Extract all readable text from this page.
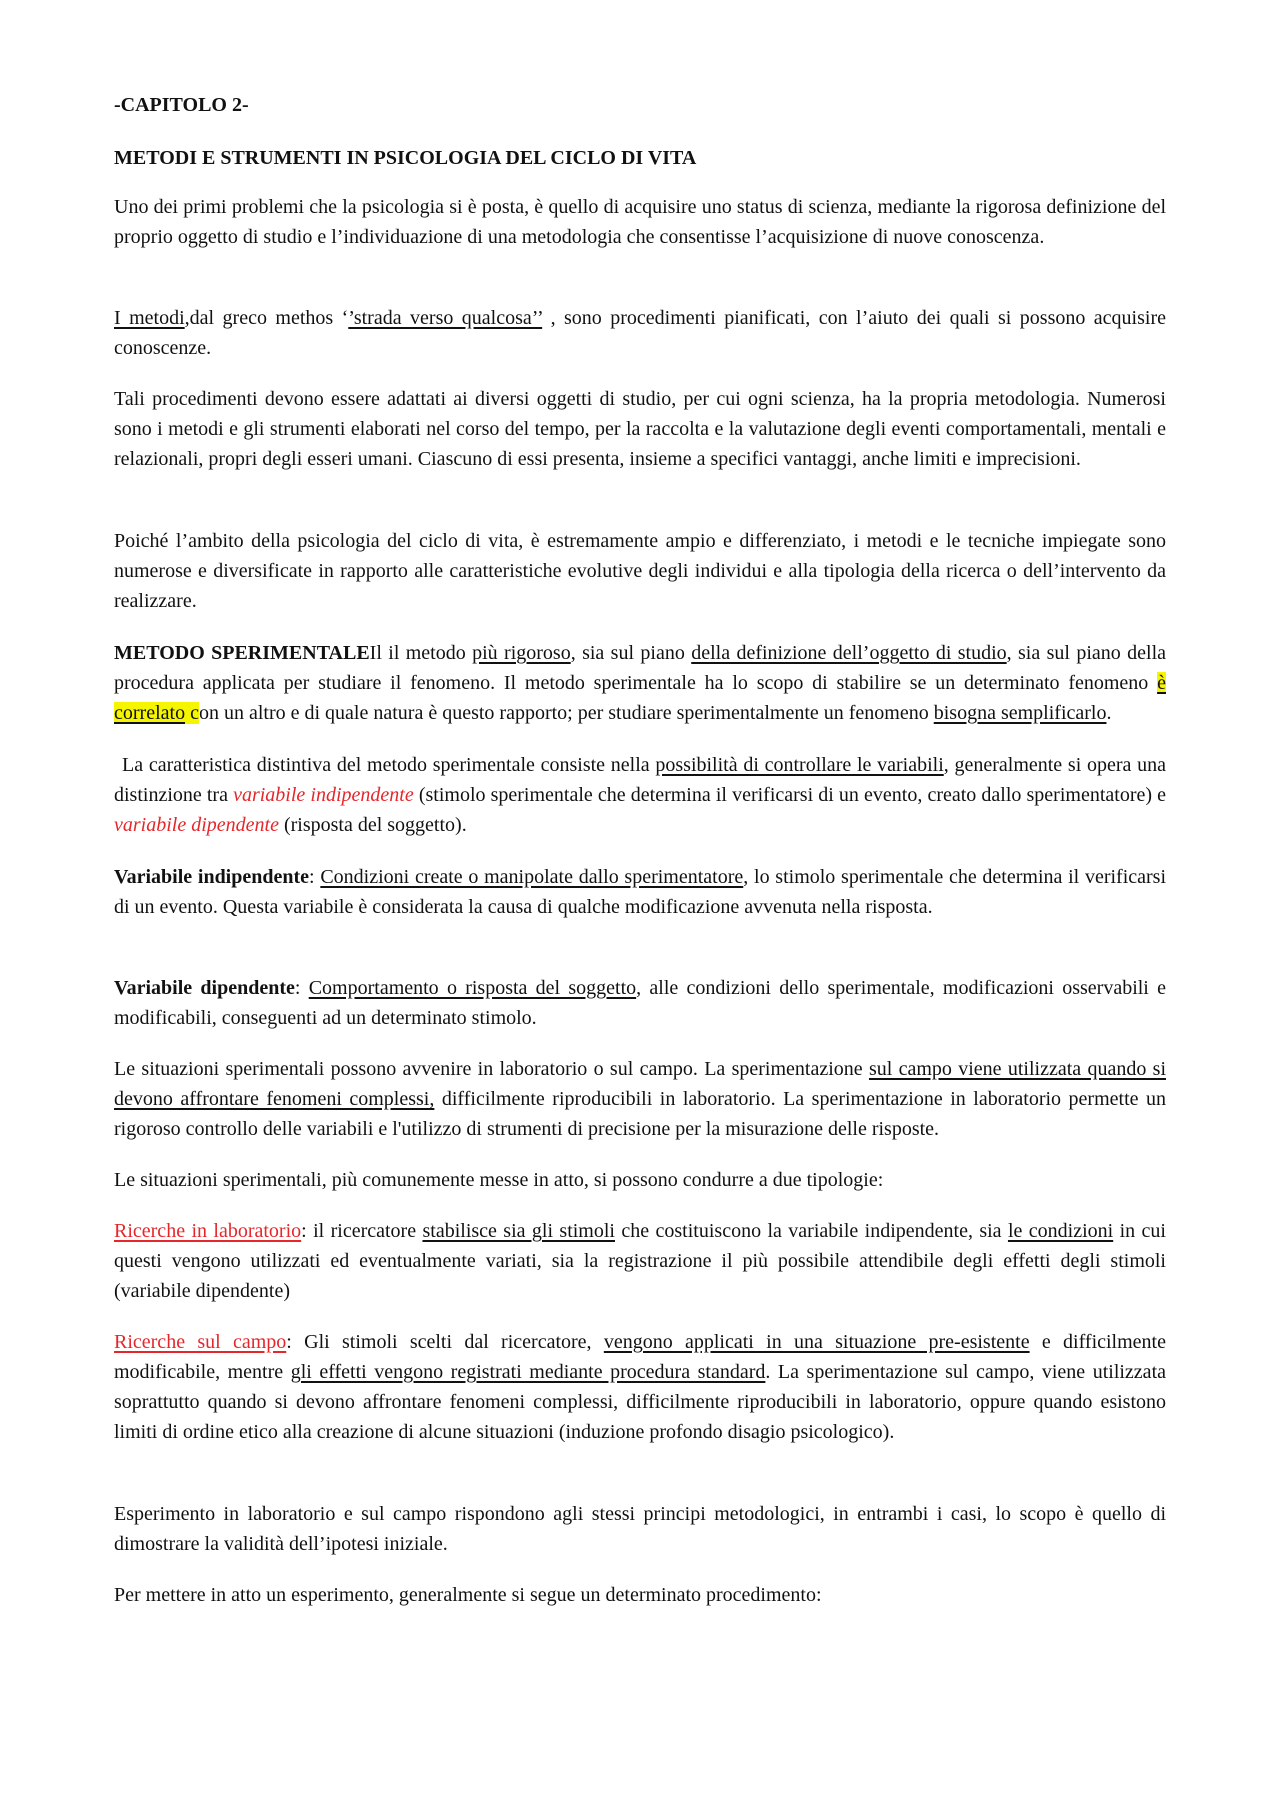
-CAPITOLO 2-
METODI E STRUMENTI IN PSICOLOGIA DEL CICLO DI VITA

Uno dei primi problemi che la psicologia si è posta, è quello di acquisire uno status di scienza, mediante la rigorosa definizione del proprio oggetto di studio e l’individuazione di una metodologia che consentisse l’acquisizione di nuove conoscenza.

I metodi,dal greco methos ‘’strada verso qualcosa’’ , sono procedimenti pianificati, con l’aiuto dei quali si possono acquisire conoscenze.

Tali procedimenti devono essere adattati ai diversi oggetti di studio, per cui ogni scienza, ha la propria metodologia. Numerosi sono i metodi e gli strumenti elaborati nel corso del tempo, per la raccolta e la valutazione degli eventi comportamentali, mentali e relazionali, propri degli esseri umani. Ciascuno di essi presenta, insieme a specifici vantaggi, anche limiti e imprecisioni.

Poiché l’ambito della psicologia del ciclo di vita, è estremamente ampio e differenziato, i metodi e le tecniche impiegate sono numerose e diversificate in rapporto alle caratteristiche evolutive degli individui e alla tipologia della ricerca o dell’intervento da realizzare.

METODO SPERIMENTALEIl il metodo più rigoroso, sia sul piano della definizione dell’oggetto di studio, sia sul piano della procedura applicata per studiare il fenomeno. Il metodo sperimentale ha lo scopo di stabilire se un determinato fenomeno è correlato con un altro e di quale natura è questo rapporto; per studiare sperimentalmente un fenomeno bisogna semplificarlo.

La caratteristica distintiva del metodo sperimentale consiste nella possibilità di controllare le variabili, generalmente si opera una distinzione tra variabile indipendente (stimolo sperimentale che determina il verificarsi di un evento, creato dallo sperimentatore) e variabile dipendente (risposta del soggetto).

Variabile indipendente: Condizioni create o manipolate dallo sperimentatore, lo stimolo sperimentale che determina il verificarsi di un evento. Questa variabile è considerata la causa di qualche modificazione avvenuta nella risposta.

Variabile dipendente: Comportamento o risposta del soggetto, alle condizioni dello sperimentale, modificazioni osservabili e modificabili, conseguenti ad un determinato stimolo.

Le situazioni sperimentali possono avvenire in laboratorio o sul campo. La sperimentazione sul campo viene utilizzata quando si devono affrontare fenomeni complessi, difficilmente riproducibili in laboratorio. La sperimentazione in laboratorio permette un rigoroso controllo delle variabili e l'utilizzo di strumenti di precisione per la misurazione delle risposte.

Le situazioni sperimentali, più comunemente messe in atto, si possono condurre a due tipologie:

Ricerche in laboratorio: il ricercatore stabilisce sia gli stimoli che costituiscono la variabile indipendente, sia le condizioni in cui questi vengono utilizzati ed eventualmente variati, sia la registrazione il più possibile attendibile degli effetti degli stimoli (variabile dipendente)

Ricerche sul campo: Gli stimoli scelti dal ricercatore, vengono applicati in una situazione pre-esistente e difficilmente modificabile, mentre gli effetti vengono registrati mediante procedura standard. La sperimentazione sul campo, viene utilizzata soprattutto quando si devono affrontare fenomeni complessi, difficilmente riproducibili in laboratorio, oppure quando esistono limiti di ordine etico alla creazione di alcune situazioni (induzione profondo disagio psicologico).

Esperimento in laboratorio e sul campo rispondono agli stessi principi metodologici, in entrambi i casi, lo scopo è quello di dimostrare la validità dell’ipotesi iniziale.

Per mettere in atto un esperimento, generalmente si segue un determinato procedimento:
